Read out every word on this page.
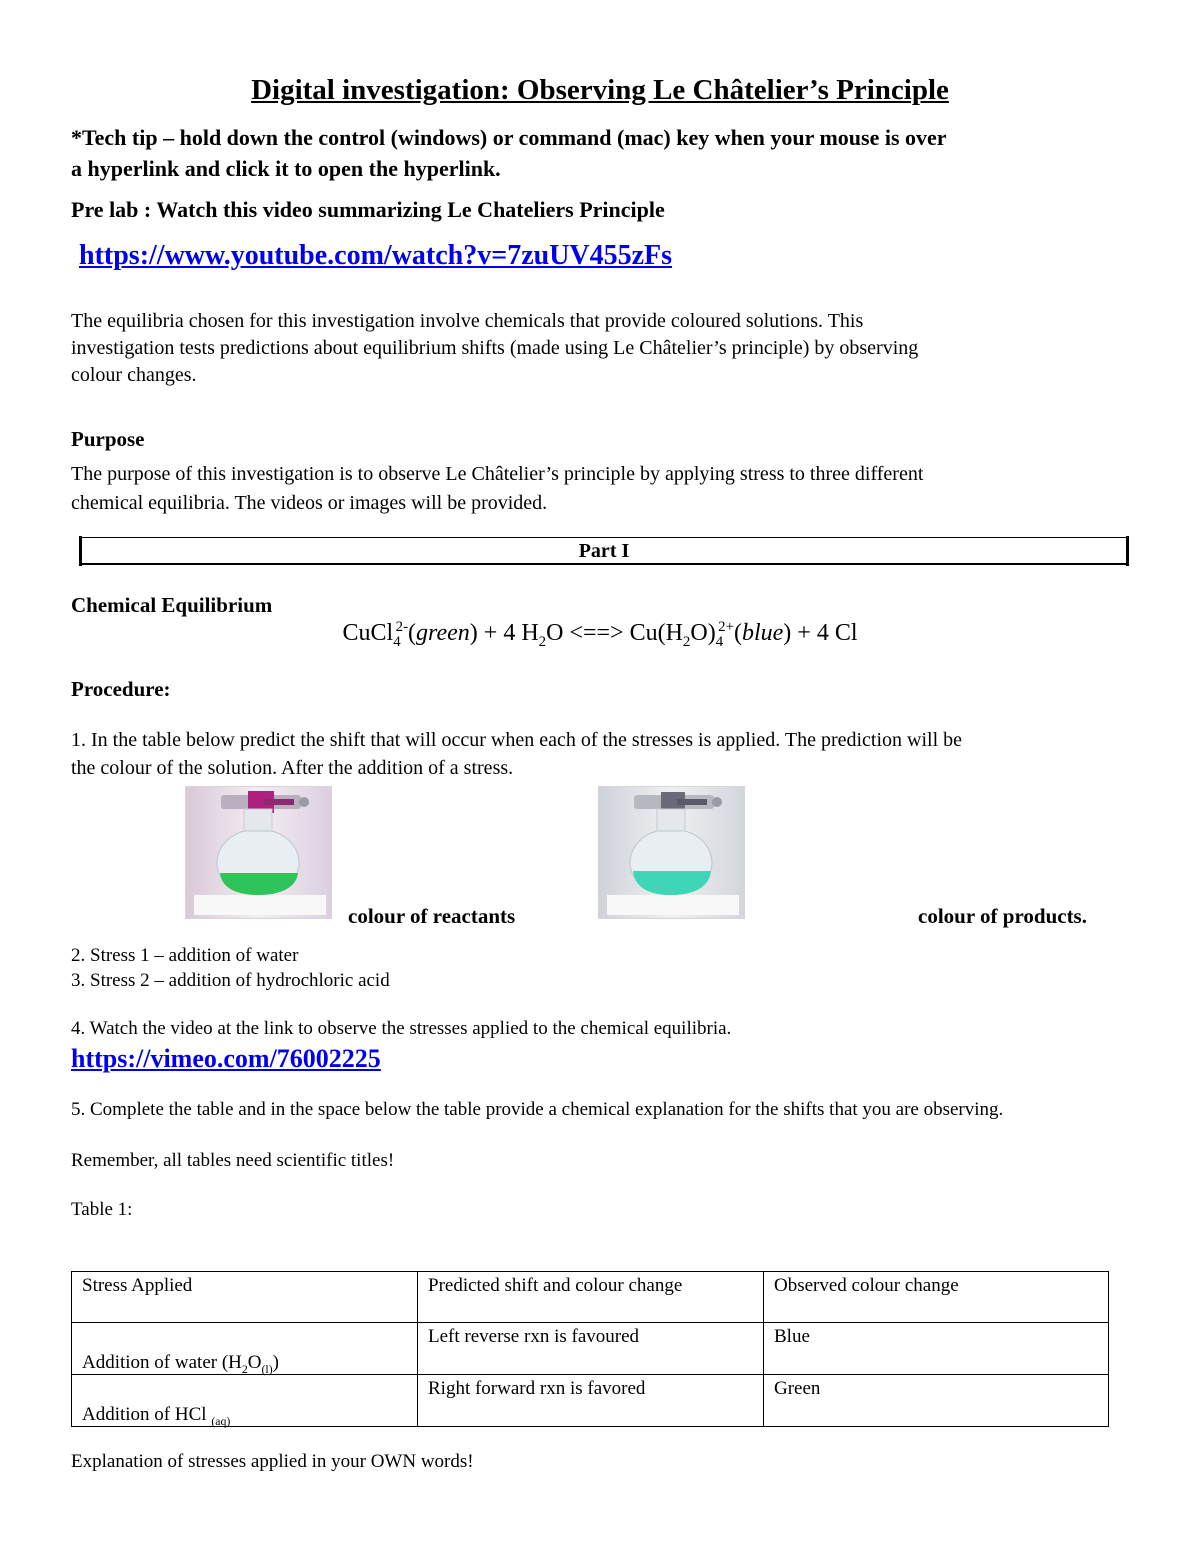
Digital investigation: Observing Le Châtelier’s Principle
*Tech tip – hold down the control (windows) or command (mac) key when your mouse is over
a hyperlink and click it to open the hyperlink.
Pre lab : Watch this video summarizing Le Chateliers Principle
https://www.youtube.com/watch?v=7zuUV455zFs
The equilibria chosen for this investigation involve chemicals that provide coloured solutions. This
investigation tests predictions about equilibrium shifts (made using Le Châtelier’s principle) by observing
colour changes.
Purpose
The purpose of this investigation is to observe Le Châtelier’s principle by applying stress to three different
chemical equilibria. The videos or images will be provided.
Part I
Chemical Equilibrium
CuCl$_4^{2-}$(green) + 4 $H_2O$ <==> $Cu(H_2O)_4^{2+}(blue) + 4$ Cl
Procedure:
1. In the table below predict the shift that will occur when each of the stresses is applied. The prediction will be
the colour of the solution. After the addition of a stress.
colour of reactants	colour of products.
2. Stress 1 – addition of water
3. Stress 2 – addition of hydrochloric acid
4. Watch the video at the link to observe the stresses applied to the chemical equilibria.
https://vimeo.com/76002225
5. Complete the table and in the space below the table provide a chemical explanation for the shifts that you are observing.
Remember, all tables need scientific titles!
Table 1:
Stress Applied	Predicted shift and colour change	Observed colour change

Addition of water $(H_2O_{(l)})$	Left reverse rxn is favoured	Blue

Addition of HCl $_{(aq)}$	Right forward rxn is favored	Green
Explanation of stresses applied in your OWN words!
